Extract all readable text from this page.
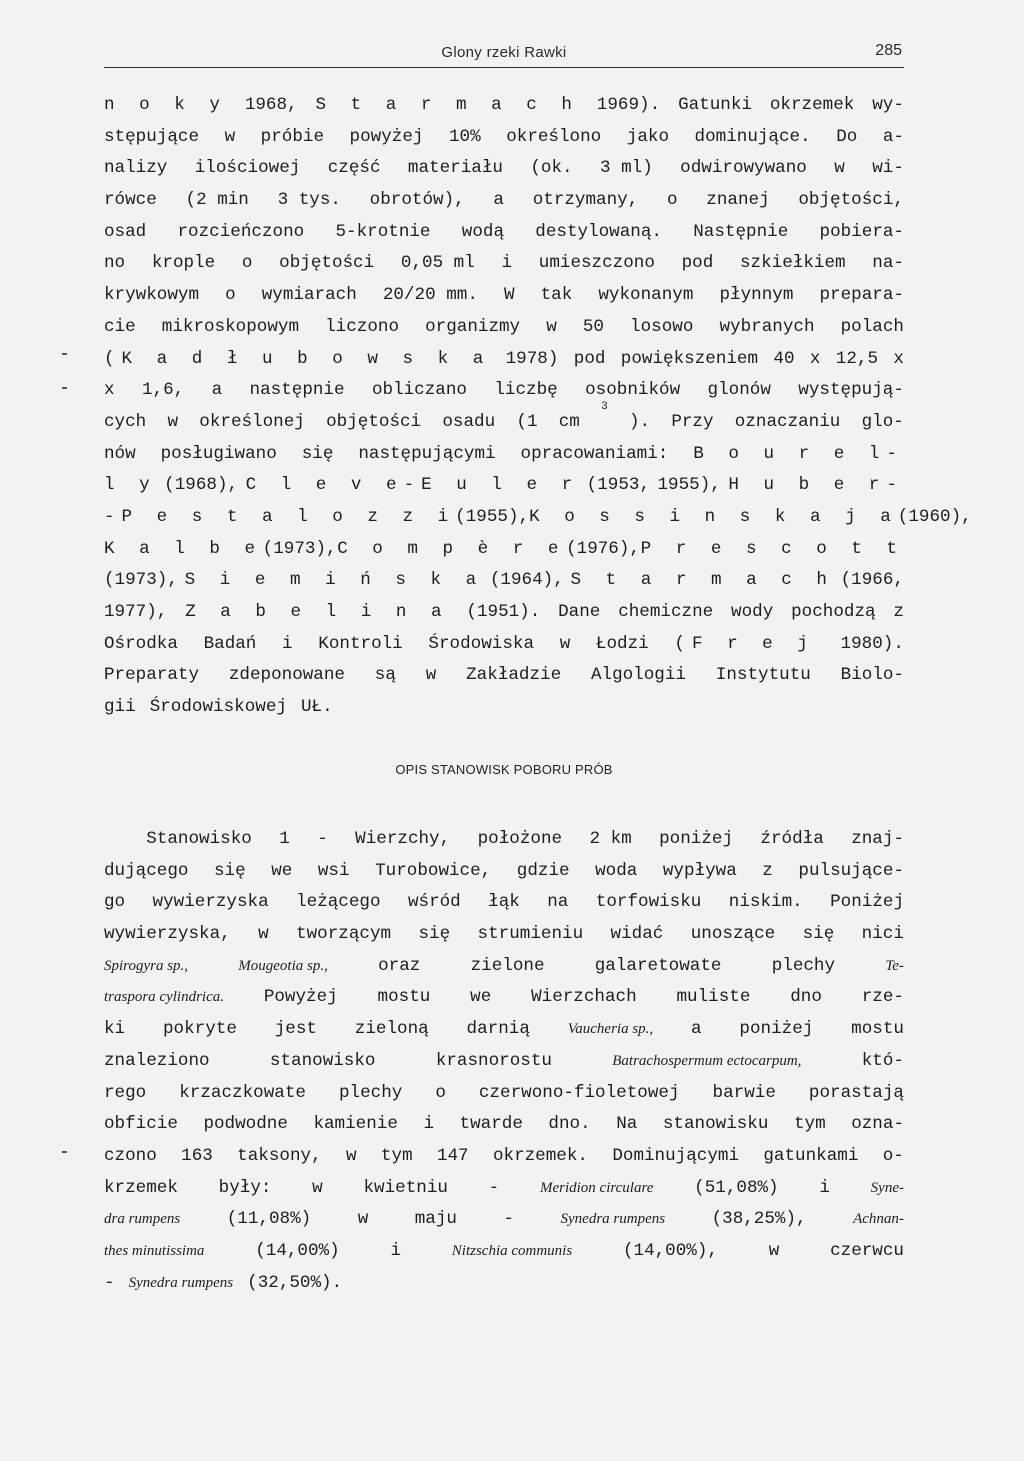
Glony rzeki Rawki	285
n o k y 1968, S t a r m a c h 1969). Gatunki okrzemek wy-
stępujące w próbie powyżej 10% określono jako dominujące. Do a-
nalizy ilościowej część materiału (ok. 3 ml) odwirowywano w wi-
rówce (2 min 3 tys. obrotów), a otrzymany, o znanej objętości,
osad rozcieńczono 5-krotnie wodą destylowaną. Następnie pobiera-
no krople o objętości 0,05 ml i umieszczono pod szkiełkiem na-
krywkowym o wymiarach 20/20 mm. W tak wykonanym płynnym prepara-
cie mikroskopowym liczono organizmy w 50 losowo wybranych polach
(K a d ł u b o w s k a 1978) pod powiększeniem 40 x 12,5 x
x 1,6, a następnie obliczano liczbę osobników glonów występują-
cych w określonej objętości osadu (1 cm
3
). Przy oznaczaniu glo-
nów posługiwano się następującymi opracowaniami: B o u r e l-
l y (1968), C l e v e-E u l e r (1953, 1955), H u b e r-
-P e s t a l o z z i (1955), K o s s i n s k a j a (1960),
K a l b e (1973), C o m p è r e (1976), P r e s c o t t
(1973), S i e m i ń s k a (1964), S t a r m a c h (1966,
1977), Z a b e l i n a (1951). Dane chemiczne wody pochodzą z
Ośrodka Badań i Kontroli Środowiska w Łodzi (F r e j 1980).
Preparaty zdeponowane są w Zakładzie Algologii Instytutu Biolo-
gii Środowiskowej UŁ.
OPIS STANOWISK POBORU PRÓB
Stanowisko 1 - Wierzchy, położone 2 km poniżej źródła znaj-
dującego się we wsi Turobowice, gdzie woda wypływa z pulsujące-
go wywierzyska leżącego wśród łąk na torfowisku niskim. Poniżej
wywierzyska, w tworzącym się strumieniu widać unoszące się nici
Spirogyra sp.,	Mougeotia sp.,	oraz	zielone	galaretowate	plechy	Te-
traspora cylindrica. Powyżej mostu we Wierzchach muliste dno rze-
ki pokryte jest zieloną darnią	Vaucheria sp., a poniżej mostu
znaleziono	stanowisko	krasnorostu	Batrachospermum ectocarpum,	któ-
rego krzaczkowate plechy o czerwono-fioletowej barwie porastają
obficie podwodne kamienie i twarde dno. Na stanowisku tym ozna-
czono 163 taksony, w tym 147 okrzemek. Dominującymi gatunkami o-
krzemek były: w kwietniu -	Meridion circulare (51,08%) i	Syne-
dra rumpens	(11,08%)	w	maju	-	Synedra rumpens	(38,25%),	Achnan-
thes minutissima	(14,00%)	i	Nitzschia communis	(14,00%),	w	czerwcu
- Synedra rumpens (32,50%).
